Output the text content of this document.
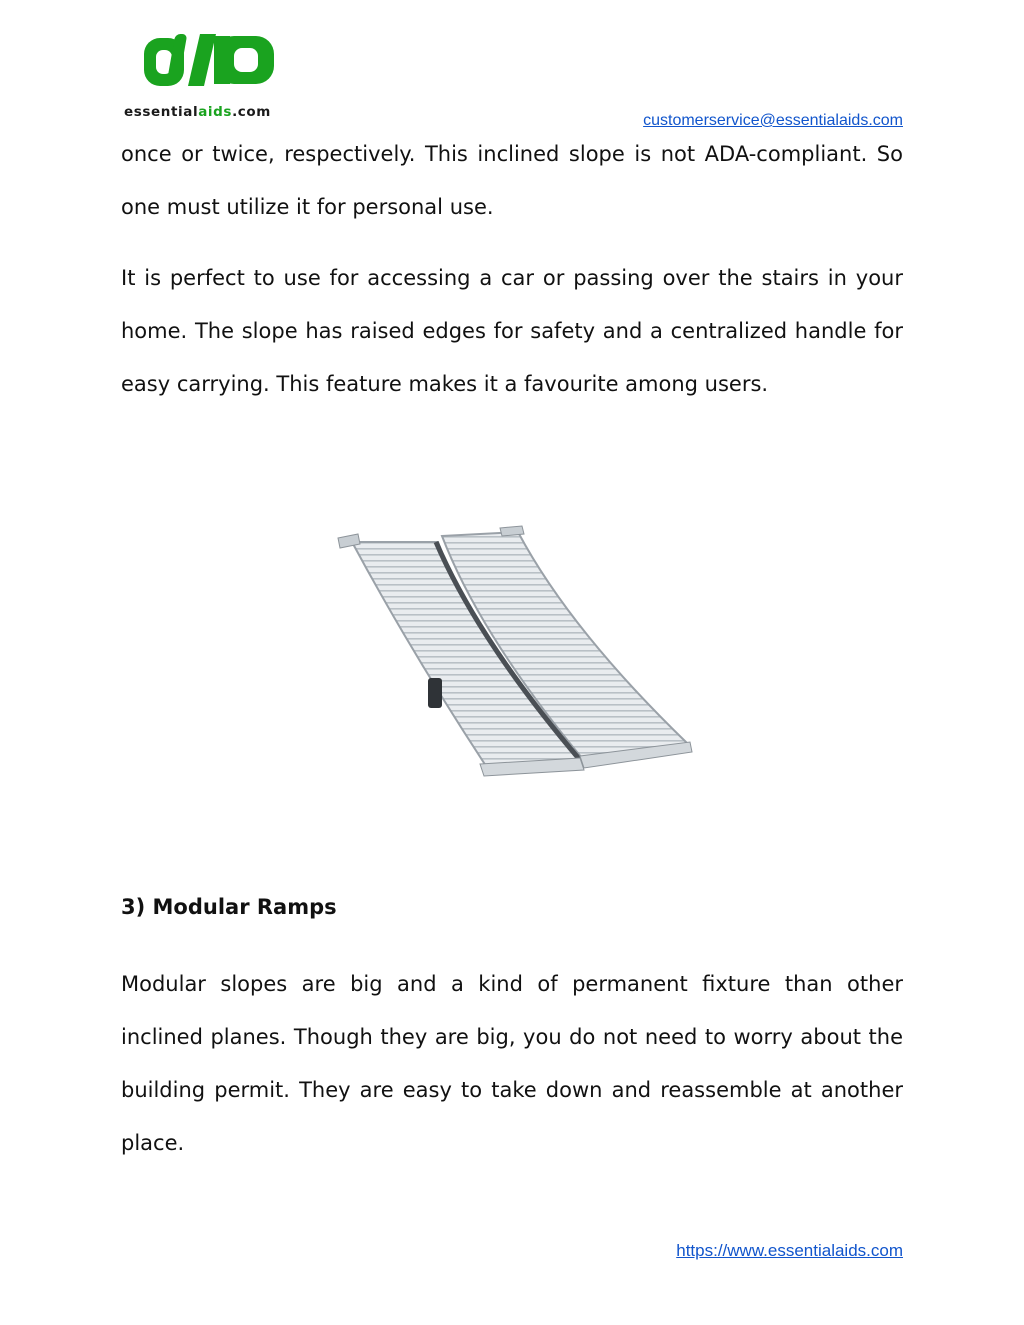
essentialaids.com	customerservice@essentialaids.com

once or twice, respectively. This inclined slope is not ADA-compliant. So one must utilize it for personal use.

It is perfect to use for accessing a car or passing over the stairs in your home. The slope has raised edges for safety and a centralized handle for easy carrying. This feature makes it a favourite among users.

3) Modular Ramps

Modular slopes are big and a kind of permanent fixture than other inclined planes. Though they are big, you do not need to worry about the building permit. They are easy to take down and reassemble at another place.

https://www.essentialaids.com
